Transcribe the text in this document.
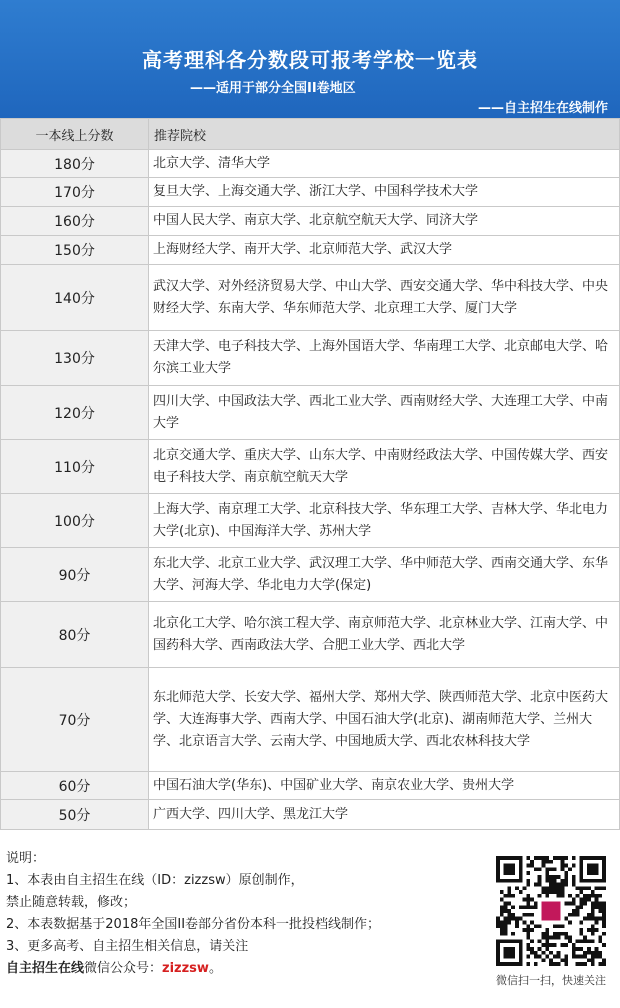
高考理科各分数段可报考学校一览表
——适用于部分全国II卷地区
——自主招生在线制作
一本线上分数	推荐院校
180分	北京大学、清华大学
170分	复旦大学、上海交通大学、浙江大学、中国科学技术大学
160分	中国人民大学、南京大学、北京航空航天大学、同济大学
150分	上海财经大学、南开大学、北京师范大学、武汉大学
140分	武汉大学、对外经济贸易大学、中山大学、西安交通大学、华中科技大学、中央财经大学、东南大学、华东师范大学、北京理工大学、厦门大学
130分	天津大学、电子科技大学、上海外国语大学、华南理工大学、北京邮电大学、哈尔滨工业大学
120分	四川大学、中国政法大学、西北工业大学、西南财经大学、大连理工大学、中南大学
110分	北京交通大学、重庆大学、山东大学、中南财经政法大学、中国传媒大学、西安电子科技大学、南京航空航天大学
100分	上海大学、南京理工大学、北京科技大学、华东理工大学、吉林大学、华北电力大学(北京)、中国海洋大学、苏州大学
90分	东北大学、北京工业大学、武汉理工大学、华中师范大学、西南交通大学、东华大学、河海大学、华北电力大学(保定)
80分	北京化工大学、哈尔滨工程大学、南京师范大学、北京林业大学、江南大学、中国药科大学、西南政法大学、合肥工业大学、西北大学
70分	东北师范大学、长安大学、福州大学、郑州大学、陕西师范大学、北京中医药大学、大连海事大学、西南大学、中国石油大学(北京)、湖南师范大学、兰州大学、北京语言大学、云南大学、中国地质大学、西北农林科技大学
60分	中国石油大学(华东)、中国矿业大学、南京农业大学、贵州大学
50分	广西大学、四川大学、黑龙江大学
说明：
1、本表由自主招生在线（ID：zizzsw）原创制作，
禁止随意转载，修改；
2、本表数据基于2018年全国II卷部分省份本科一批投档线制作；
3、更多高考、自主招生相关信息，请关注
自主招生在线微信公众号：zizzsw。
微信扫一扫，快速关注
